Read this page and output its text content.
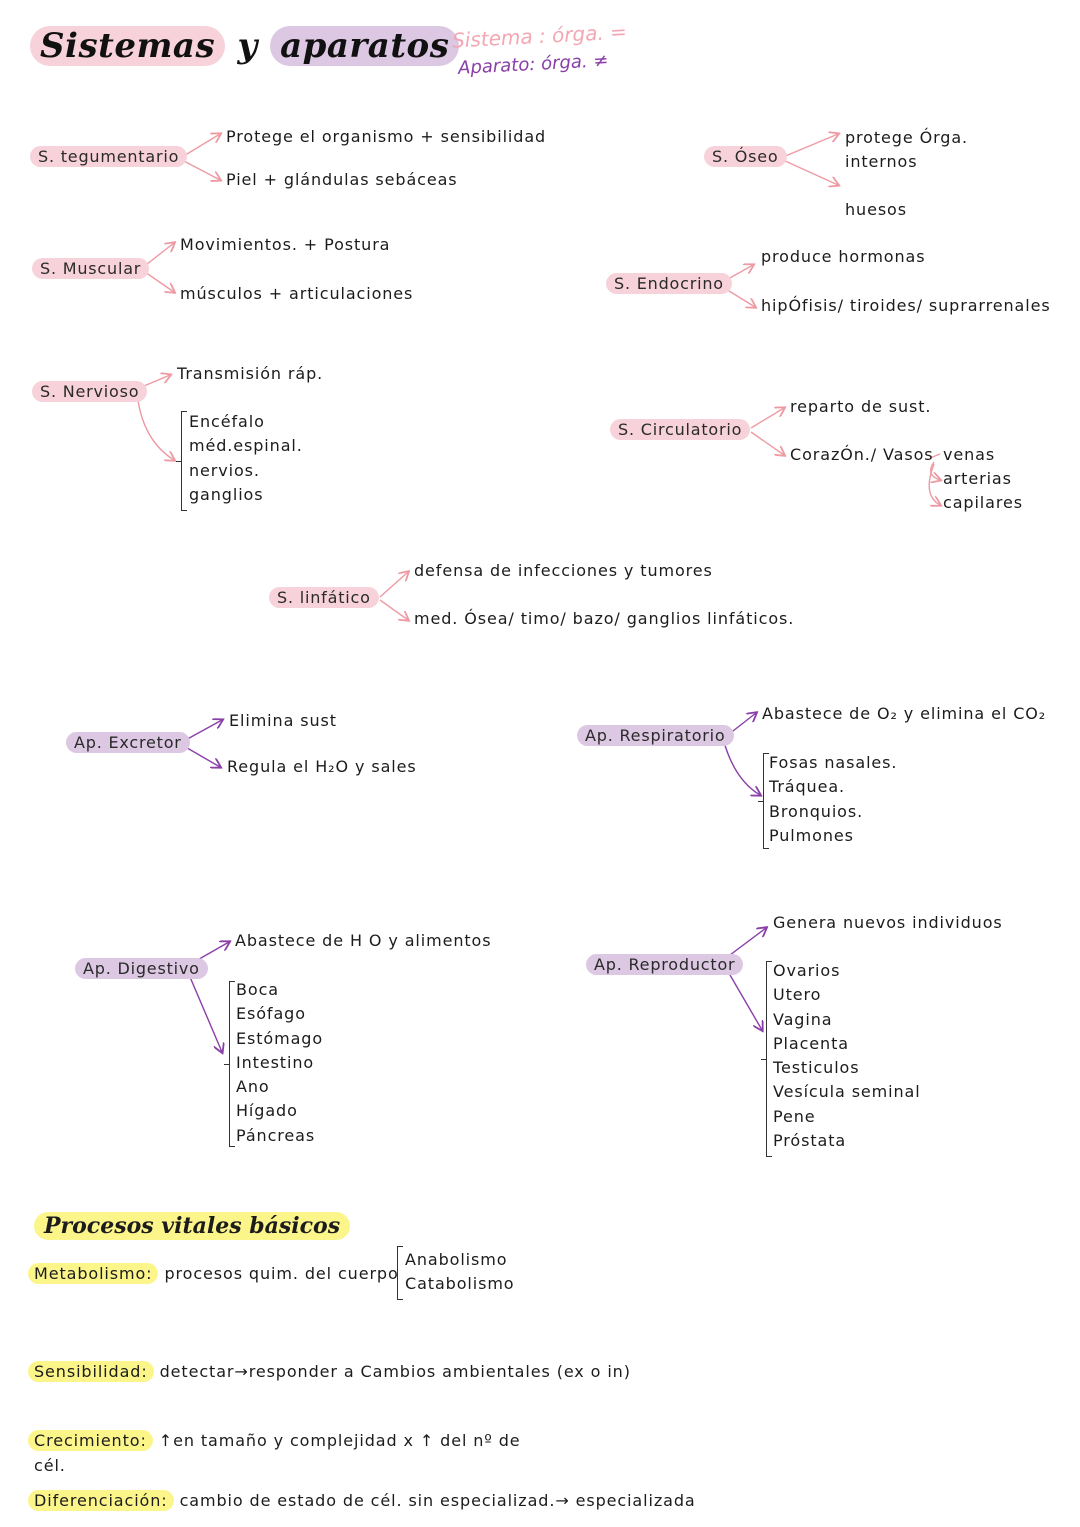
Sistemas y aparatos Sistema : órga. =
Aparato: órga. ≠
S. tegumentario
Protege el organismo + sensibilidad
Piel + glándulas sebáceas
S. Óseo
protege Órga.
internos
huesos
S. Muscular
Movimientos. + Postura
músculos + articulaciones
S. Endocrino
produce hormonas
hipÓfisis/ tiroides/ suprarrenales
S. Nervioso
Transmisión ráp.
Encéfalo
méd.espinal.
nervios.
ganglios
S. Circulatorio
reparto de sust.
CorazÓn./ Vasos venas
arterias
capilares
S. linfático
defensa de infecciones y tumores
med. Ósea/ timo/ bazo/ ganglios linfáticos.
Ap. Excretor
Elimina sust
Regula el H₂O y sales
Ap. Respiratorio
Abastece de O₂ y elimina el CO₂
Fosas nasales.
Tráquea.
Bronquios.
Pulmones
Ap. Digestivo
Abastece de H O y alimentos
Boca
Esófago
Estómago
Intestino
Ano
Hígado
Páncreas
Ap. Reproductor
Genera nuevos individuos
Ovarios
Utero
Vagina
Placenta
Testiculos
Vesícula seminal
Pene
Próstata
Procesos vitales básicos
Metabolismo: procesos quim. del cuerpo
Anabolismo
Catabolismo
Sensibilidad: detectar→responder a Cambios ambientales (ex o in)
Crecimiento: ↑en tamaño y complejidad x ↑ del nº de
cél.
Diferenciación: cambio de estado de cél. sin especializad.→ especializada
